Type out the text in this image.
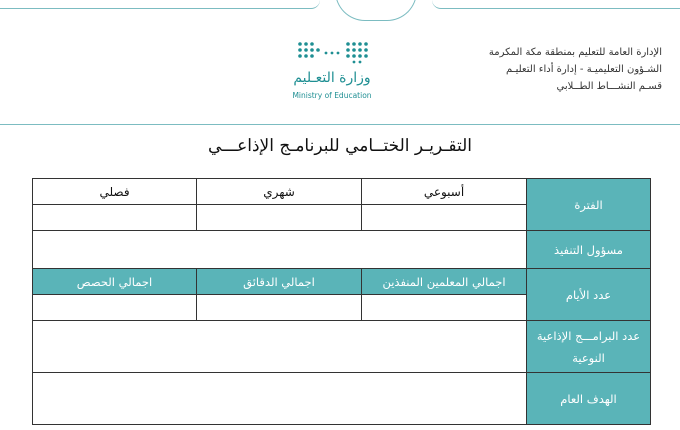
الإدارة العامة للتعليم بمنطقة مكة المكرمة
الشـؤون التعليميـة - إدارة أداء التعليـم
قسـم النشـــاط الطــلابي
وزارة التعـليم
Ministry of Education
التقـريـر الختــامي للبرنامـج الإذاعـــي
الفترة	أسبوعي	شهري	فصلي

مسؤول التنفيذ			
عدد الأيام	اجمالي المعلمين المنفذين	اجمالي الدقائق	اجمالي الحصص

عدد البرامـــج الإذاعية النوعية			
الهدف العام			
